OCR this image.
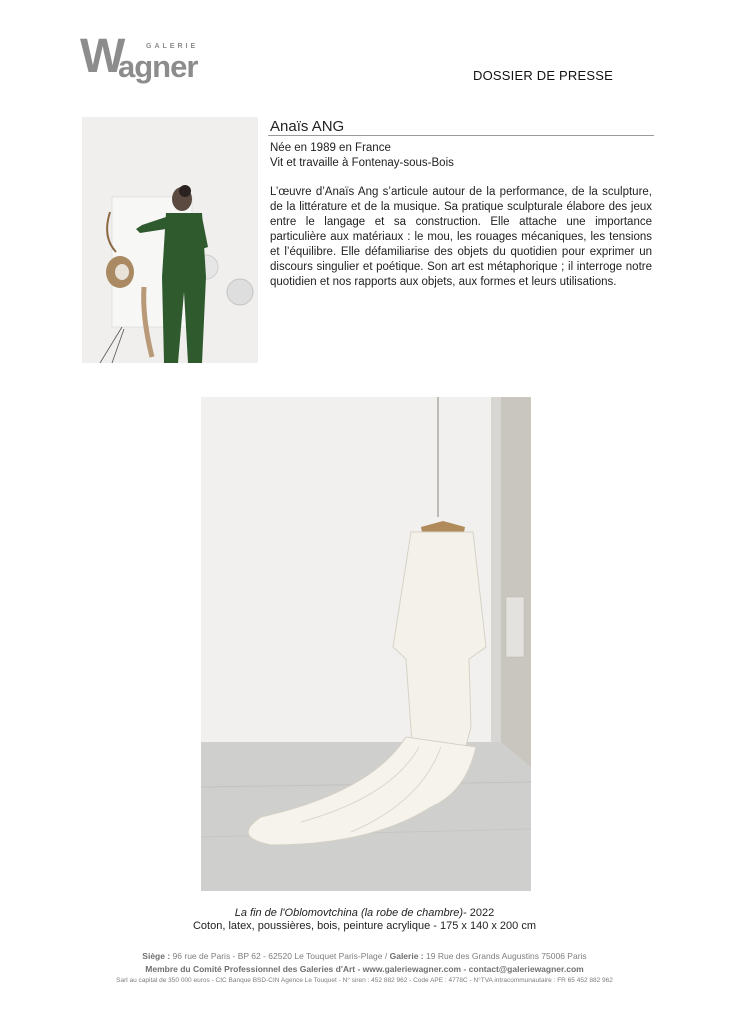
W	GALERIE
agner	DOSSIER DE PRESSE
Anaïs ANG
Née en 1989 en France
Vit et travaille à Fontenay-sous-Bois
L’œuvre d’Anaïs Ang s’articule autour de la performance, de la sculpture, de la littérature et de la musique. Sa pratique sculpturale élabore des jeux entre le langage et sa construction. Elle attache une importance particulière aux matériaux : le mou, les rouages mécaniques, les tensions et l’équilibre. Elle défamiliarise des objets du quotidien pour exprimer un discours singulier et poétique. Son art est métaphorique ; il interroge notre quotidien et nos rapports aux objets, aux formes et leurs utilisations.
La fin de l'Oblomovtchina (la robe de chambre)- 2022
Coton, latex, poussières, bois, peinture acrylique - 175 x 140 x 200 cm
Siège : 96 rue de Paris - BP 62 - 62520 Le Touquet Paris-Plage / Galerie : 19 Rue des Grands Augustins 75006 Paris
Membre du Comité Professionnel des Galeries d'Art - www.galeriewagner.com - contact@galeriewagner.com
Sarl au capital de 350 000 euros - CIC Banque BSD-CIN Agence Le Touquet - N° siren : 452 882 962 - Code APE : 4778C - N°TVA intracommunautaire : FR 65 452 882 962
